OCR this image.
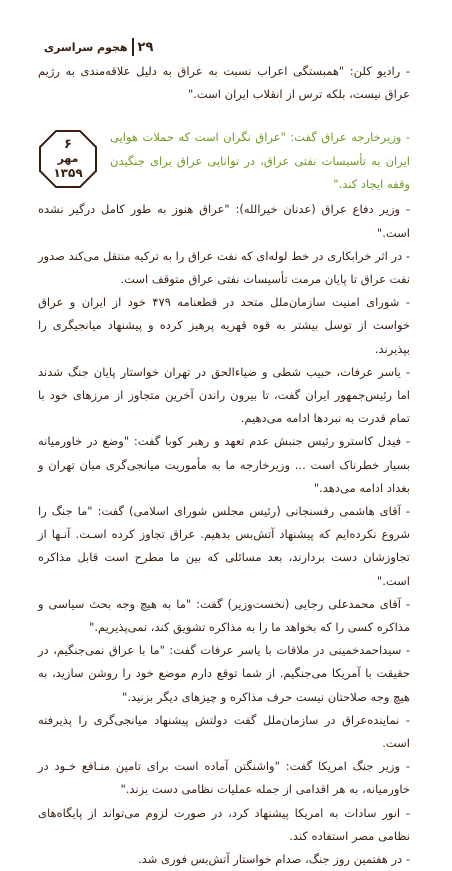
۲۹
هجوم سراسری

- رادیو کلن: "همبستگی اعراب نسبت به عراق به دلیل علاقه‌مندی به رژیم عراق نیست، بلکه ترس از انقلاب ایران است."

۶
مهر
۱۳۵۹

- وزیرخارجه عراق گفت: "عراق نگران است که حملات هوایی ایران به تأسیسات نفتی عراق، در توانایی عراق برای جنگیدن وقفه ایجاد کند."

- وزیر دفاع عراق (عدنان خیرالله): "عراق هنوز به طور کامل درگیر نشده است."

- در اثر خرابکاری در خط لوله‌ای که نفت عراق را به ترکیه منتقل می‌کند صدور نفت عراق تا پایان مرمت تأسیسات نفتی عراق متوقف است.

- شورای امنیت سازمان‌ملل متحد در قطعنامه ۴۷۹ خود از ایران و عراق خواست از توسل بیشتر به قوه قهریه پرهیز کرده و پیشنهاد میانجیگری را بپذیرند.

- یاسر عرفات، حبیب شطی و ضیاءالحق در تهران خواستار پایان جنگ شدند اما رئیس‌جمهور ایران گفت، تا بیرون راندن آخرین متجاوز از مرزهای خود با تمام قدرت به نبردها ادامه می‌دهیم.

- فیدل کاسترو رئیس جنبش عدم تعهد و رهبر کوبا گفت: "وضع در خاورمیانه بسیار خطرناک است ... وزیرخارجه ما به مأموریت میانجی‌گری میان تهران و بغداد ادامه می‌دهد."

- آقای هاشمی رفسنجانی (رئیس مجلس شورای اسلامی) گفت: "ما جنگ را شروع نکرده‌ایم که پیشنهاد آتش‌بس بدهیم. عراق تجاوز کرده اسـت. آنـها از تجاوزشان دست بردارند، بعد مسائلی که بین ما مطرح است قابل مذاکره است."

- آقای محمدعلی رجایی (نخست‌وزیر) گفت: "ما به هیچ وجه بحث سیاسی و مذاکره کسی را که بخواهد ما را به مذاکره تشویق کند، نمی‌پذیریم."

- سیداحمدخمینی در ملاقات با یاسر عرفات گفت: "ما با عراق نمی‌جنگیم، در حقیقت با آمریکا می‌جنگیم. از شما توقع دارم موضع خود را روشن سازید، به هیچ وجه صلاحتان نیست حرف مذاکره و چیزهای دیگر بزنید."

- نماینده‌عراق در سازمان‌ملل گفت دولتش پیشنهاد میانجی‌گری را پذیرفته است.

- وزیر جنگ امریکا گفت: "واشنگتن آماده است برای تامین منـافع خـود در خاورمیانه، به هر اقدامی از جمله عملیات نظامی دست بزند."

- انور سادات به امریکا پیشنهاد کرد، در صورت لزوم می‌تواند از پایگاه‌های نظامی مصر استفاده کند.

- در هفتمین روز جنگ، صدام خواستار آتش‌بس فوری شد.
